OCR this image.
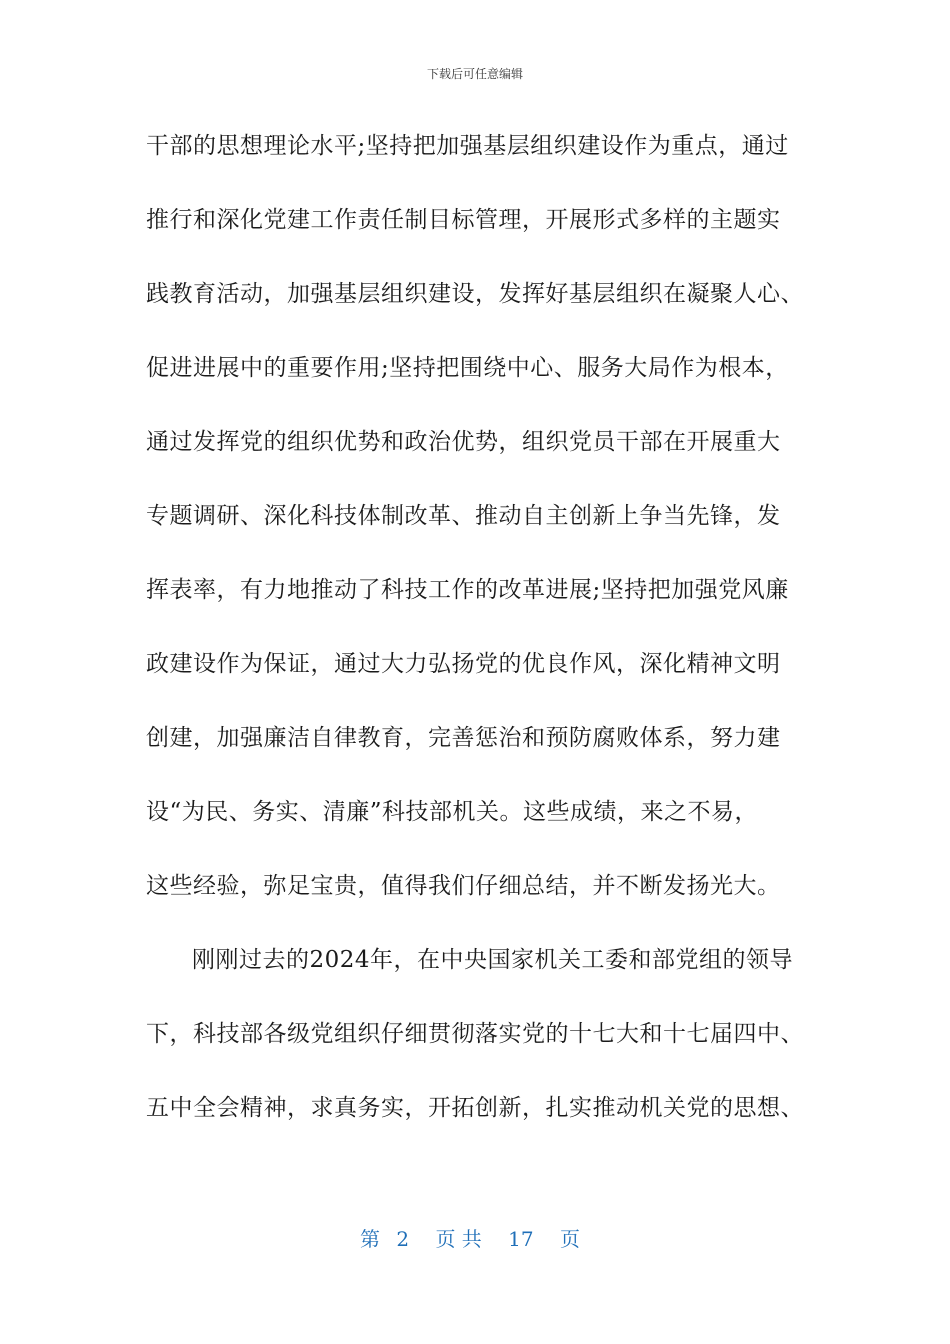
下载后可任意编辑
干部的思想理论水平;坚持把加强基层组织建设作为重点，通过
推行和深化党建工作责任制目标管理，开展形式多样的主题实
践教育活动，加强基层组织建设，发挥好基层组织在凝聚人心、
促进进展中的重要作用;坚持把围绕中心、服务大局作为根本，
通过发挥党的组织优势和政治优势，组织党员干部在开展重大
专题调研、深化科技体制改革、推动自主创新上争当先锋，发
挥表率，有力地推动了科技工作的改革进展;坚持把加强党风廉
政建设作为保证，通过大力弘扬党的优良作风，深化精神文明
创建，加强廉洁自律教育，完善惩治和预防腐败体系，努力建
设“为民、务实、清廉”科技部机关。这些成绩，来之不易，
这些经验，弥足宝贵，值得我们仔细总结，并不断发扬光大。
刚刚过去的2024年，在中央国家机关工委和部党组的领导
下，科技部各级党组织仔细贯彻落实党的十七大和十七届四中、
五中全会精神，求真务实，开拓创新，扎实推动机关党的思想、
第 2 页 共 17 页
